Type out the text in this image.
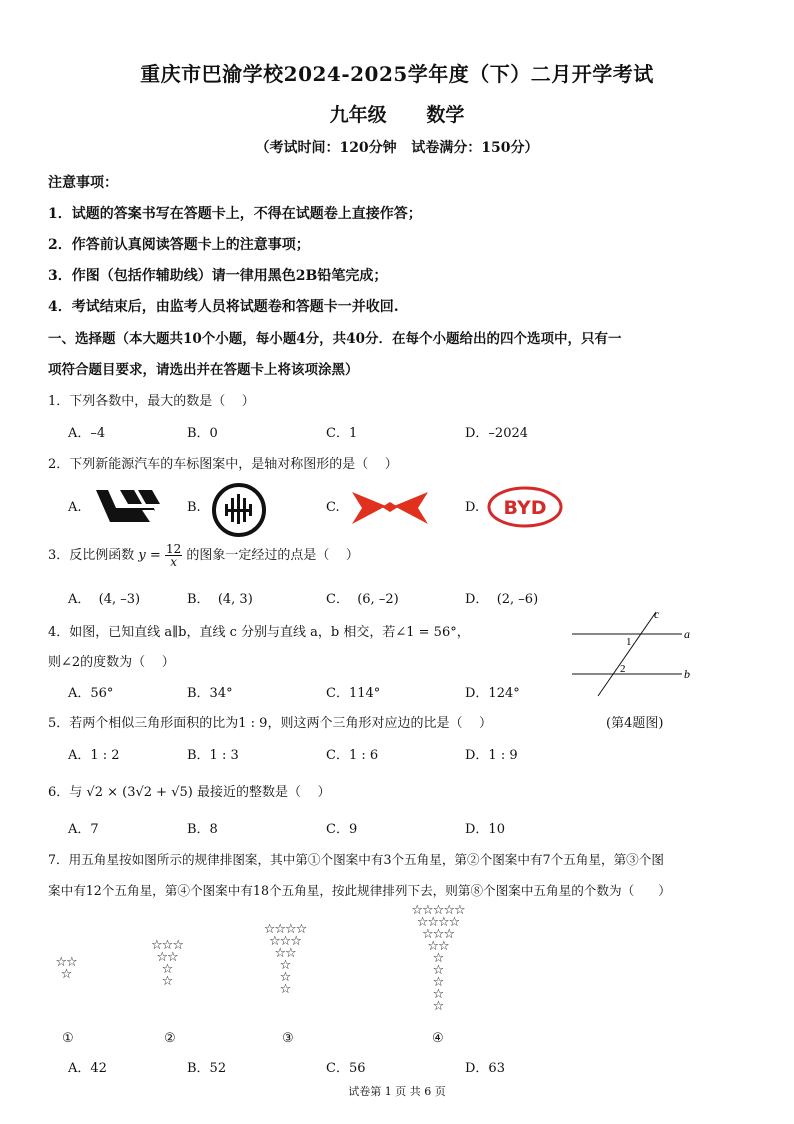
重庆市巴渝学校2024-2025学年度（下）二月开学考试
九年级      数学
（考试时间：120分钟   试卷满分：150分）
注意事项：
1．试题的答案书写在答题卡上，不得在试题卷上直接作答；
2．作答前认真阅读答题卡上的注意事项；
3．作图（包括作辅助线）请一律用黑色2B铅笔完成；
4．考试结束后，由监考人员将试题卷和答题卡一并收回.
一、选择题（本大题共10个小题，每小题4分，共40分．在每个小题给出的四个选项中，只有一
项符合题目要求，请选出并在答题卡上将该项涂黑）
1．下列各数中，最大的数是（    ）
A．–4	B．0	C．1	D．–2024
2．下列新能源汽车的车标图案中，是轴对称图形的是（    ）
A.	B.	C.	D. BYD
3．反比例函数 $y = \frac{12}{x}$ 的图象一定经过的点是（    ）
A．  (4, –3)	B．  (4, 3)	C．  (6, –2)	D．  (2, –6)
4．如图，已知直线 a∥b，直线 c 分别与直线 a，b 相交，若∠1 = 56°，
则∠2的度数为（    ）
A．56°	B．34°	C．114°	D．124°
a
b
c
1
2
(第4题图)
5．若两个相似三角形面积的比为1 : 9，则这两个三角形对应边的比是（    ）
A．1 : 2	B．1 : 3	C．1 : 6	D．1 : 9
6．与 √2 × (3√2 + √5) 最接近的整数是（    ）
A．7	B．8	C．9	D．10
7．用五角星按如图所示的规律排图案，其中第①个图案中有3个五角星，第②个图案中有7个五角星，第③个图
案中有12个五角星，第④个图案中有18个五角星，按此规律排列下去，则第⑧个图案中五角星的个数为（      ）
☆☆
☆
☆☆☆
☆☆
☆
☆
☆☆☆☆
☆☆☆
☆☆
☆
☆
☆
☆☆☆☆☆
☆☆☆☆
☆☆☆
☆☆
☆
☆
☆
☆
☆
①	②	③	④
A．42	B．52	C．56	D．63
试卷第 1 页 共 6 页
